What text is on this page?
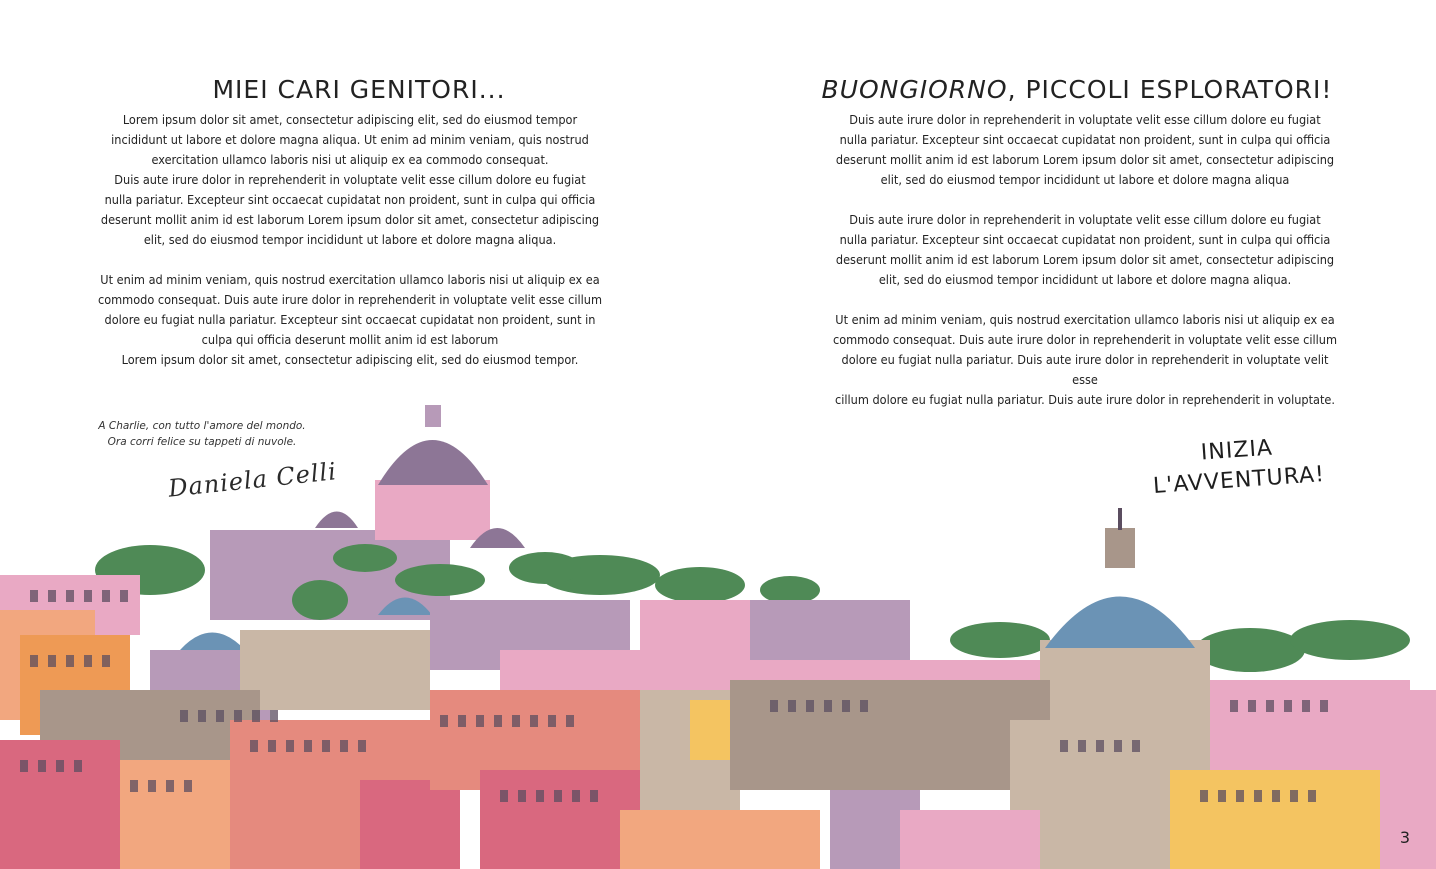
MIEI CARI GENITORI...
Lorem ipsum dolor sit amet, consectetur adipiscing elit, sed do eiusmod tempor
incididunt ut labore et dolore magna aliqua. Ut enim ad minim veniam, quis nostrud
exercitation ullamco laboris nisi ut aliquip ex ea commodo consequat.
Duis aute irure dolor in reprehenderit in voluptate velit esse cillum dolore eu fugiat
nulla pariatur. Excepteur sint occaecat cupidatat non proident, sunt in culpa qui officia
deserunt mollit anim id est laborum Lorem ipsum dolor sit amet, consectetur adipiscing
elit, sed do eiusmod tempor incididunt ut labore et dolore magna aliqua.
Ut enim ad minim veniam, quis nostrud exercitation ullamco laboris nisi ut aliquip ex ea
commodo consequat. Duis aute irure dolor in reprehenderit in voluptate velit esse cillum
dolore eu fugiat nulla pariatur. Excepteur sint occaecat cupidatat non proident, sunt in
culpa qui officia deserunt mollit anim id est laborum
Lorem ipsum dolor sit amet, consectetur adipiscing elit, sed do eiusmod tempor.
A Charlie, con tutto l'amore del mondo.
Ora corri felice su tappeti di nuvole.
Daniela Celli
BUONGIORNO, PICCOLI ESPLORATORI!
Duis aute irure dolor in reprehenderit in voluptate velit esse cillum dolore eu fugiat
nulla pariatur. Excepteur sint occaecat cupidatat non proident, sunt in culpa qui officia
deserunt mollit anim id est laborum Lorem ipsum dolor sit amet, consectetur adipiscing
elit, sed do eiusmod tempor incididunt ut labore et dolore magna aliqua
Duis aute irure dolor in reprehenderit in voluptate velit esse cillum dolore eu fugiat
nulla pariatur. Excepteur sint occaecat cupidatat non proident, sunt in culpa qui officia
deserunt mollit anim id est laborum Lorem ipsum dolor sit amet, consectetur adipiscing
elit, sed do eiusmod tempor incididunt ut labore et dolore magna aliqua.
Ut enim ad minim veniam, quis nostrud exercitation ullamco laboris nisi ut aliquip ex ea
commodo consequat. Duis aute irure dolor in reprehenderit in voluptate velit esse cillum
dolore eu fugiat nulla pariatur. Duis aute irure dolor in reprehenderit in voluptate velit esse
cillum dolore eu fugiat nulla pariatur. Duis aute irure dolor in reprehenderit in voluptate.
INIZIA
L'AVVENTURA!
3
